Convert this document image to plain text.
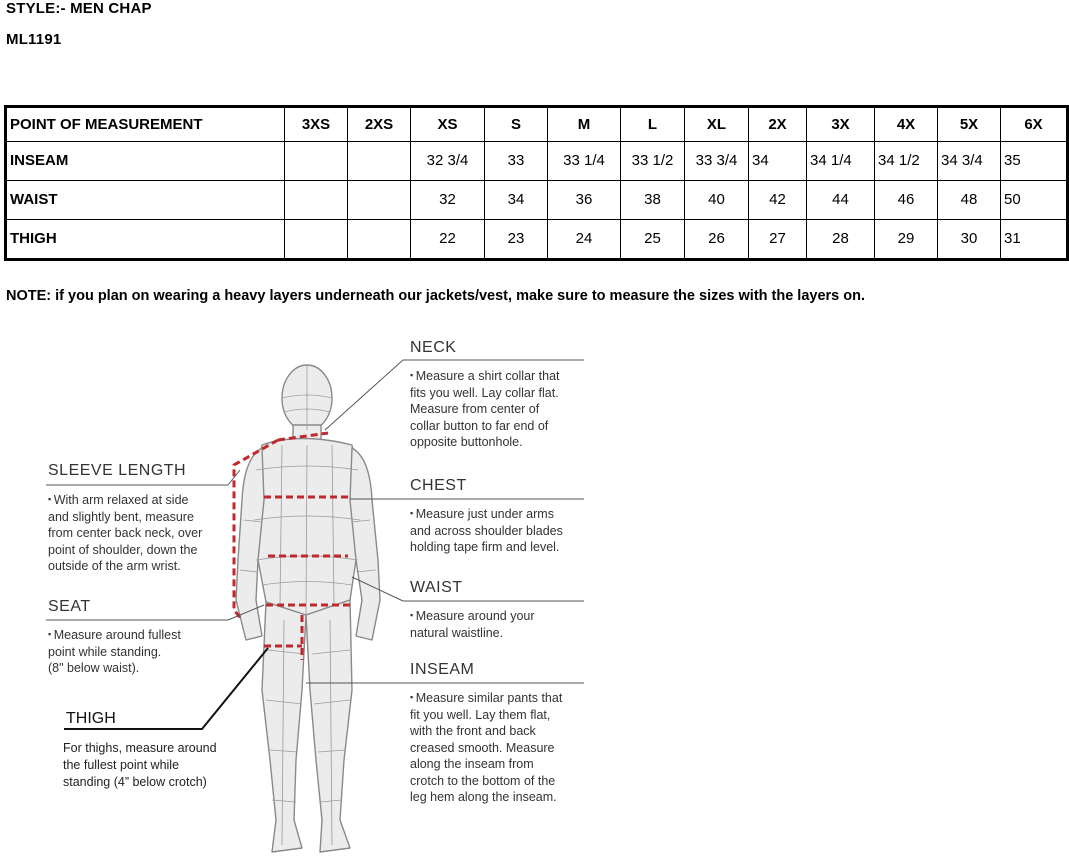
STYLE:- MEN CHAP
ML1191
POINT OF MEASUREMENT	3XS	2XS	XS	S	M	L	XL	2X	3X	4X	5X	6X
INSEAM			32 3/4	33	33 1/4	33 1/2	33 3/4	34	34 1/4	34 1/2	34 3/4	35
WAIST			32	34	36	38	40	42	44	46	48	50
THIGH			22	23	24	25	26	27	28	29	30	31
NOTE: if you plan on wearing a heavy layers underneath our jackets/vest, make sure to measure the sizes with the layers on.
NECK
▪ Measure a shirt collar that
fits you well. Lay collar flat.
Measure from center of
collar button to far end of
opposite buttonhole.
CHEST
▪ Measure just under arms
and across shoulder blades
holding tape firm and level.
WAIST
▪ Measure around your
natural waistline.
INSEAM
▪ Measure similar pants that
fit you well. Lay them flat,
with the front and back
creased smooth. Measure
along the inseam from
crotch to the bottom of the
leg hem along the inseam.
SLEEVE LENGTH
▪ With arm relaxed at side
and slightly bent, measure
from center back neck, over
point of shoulder, down the
outside of the arm wrist.
SEAT
▪ Measure around fullest
point while standing.
(8" below waist).
THIGH
For thighs, measure around
the fullest point while
standing (4” below crotch)
